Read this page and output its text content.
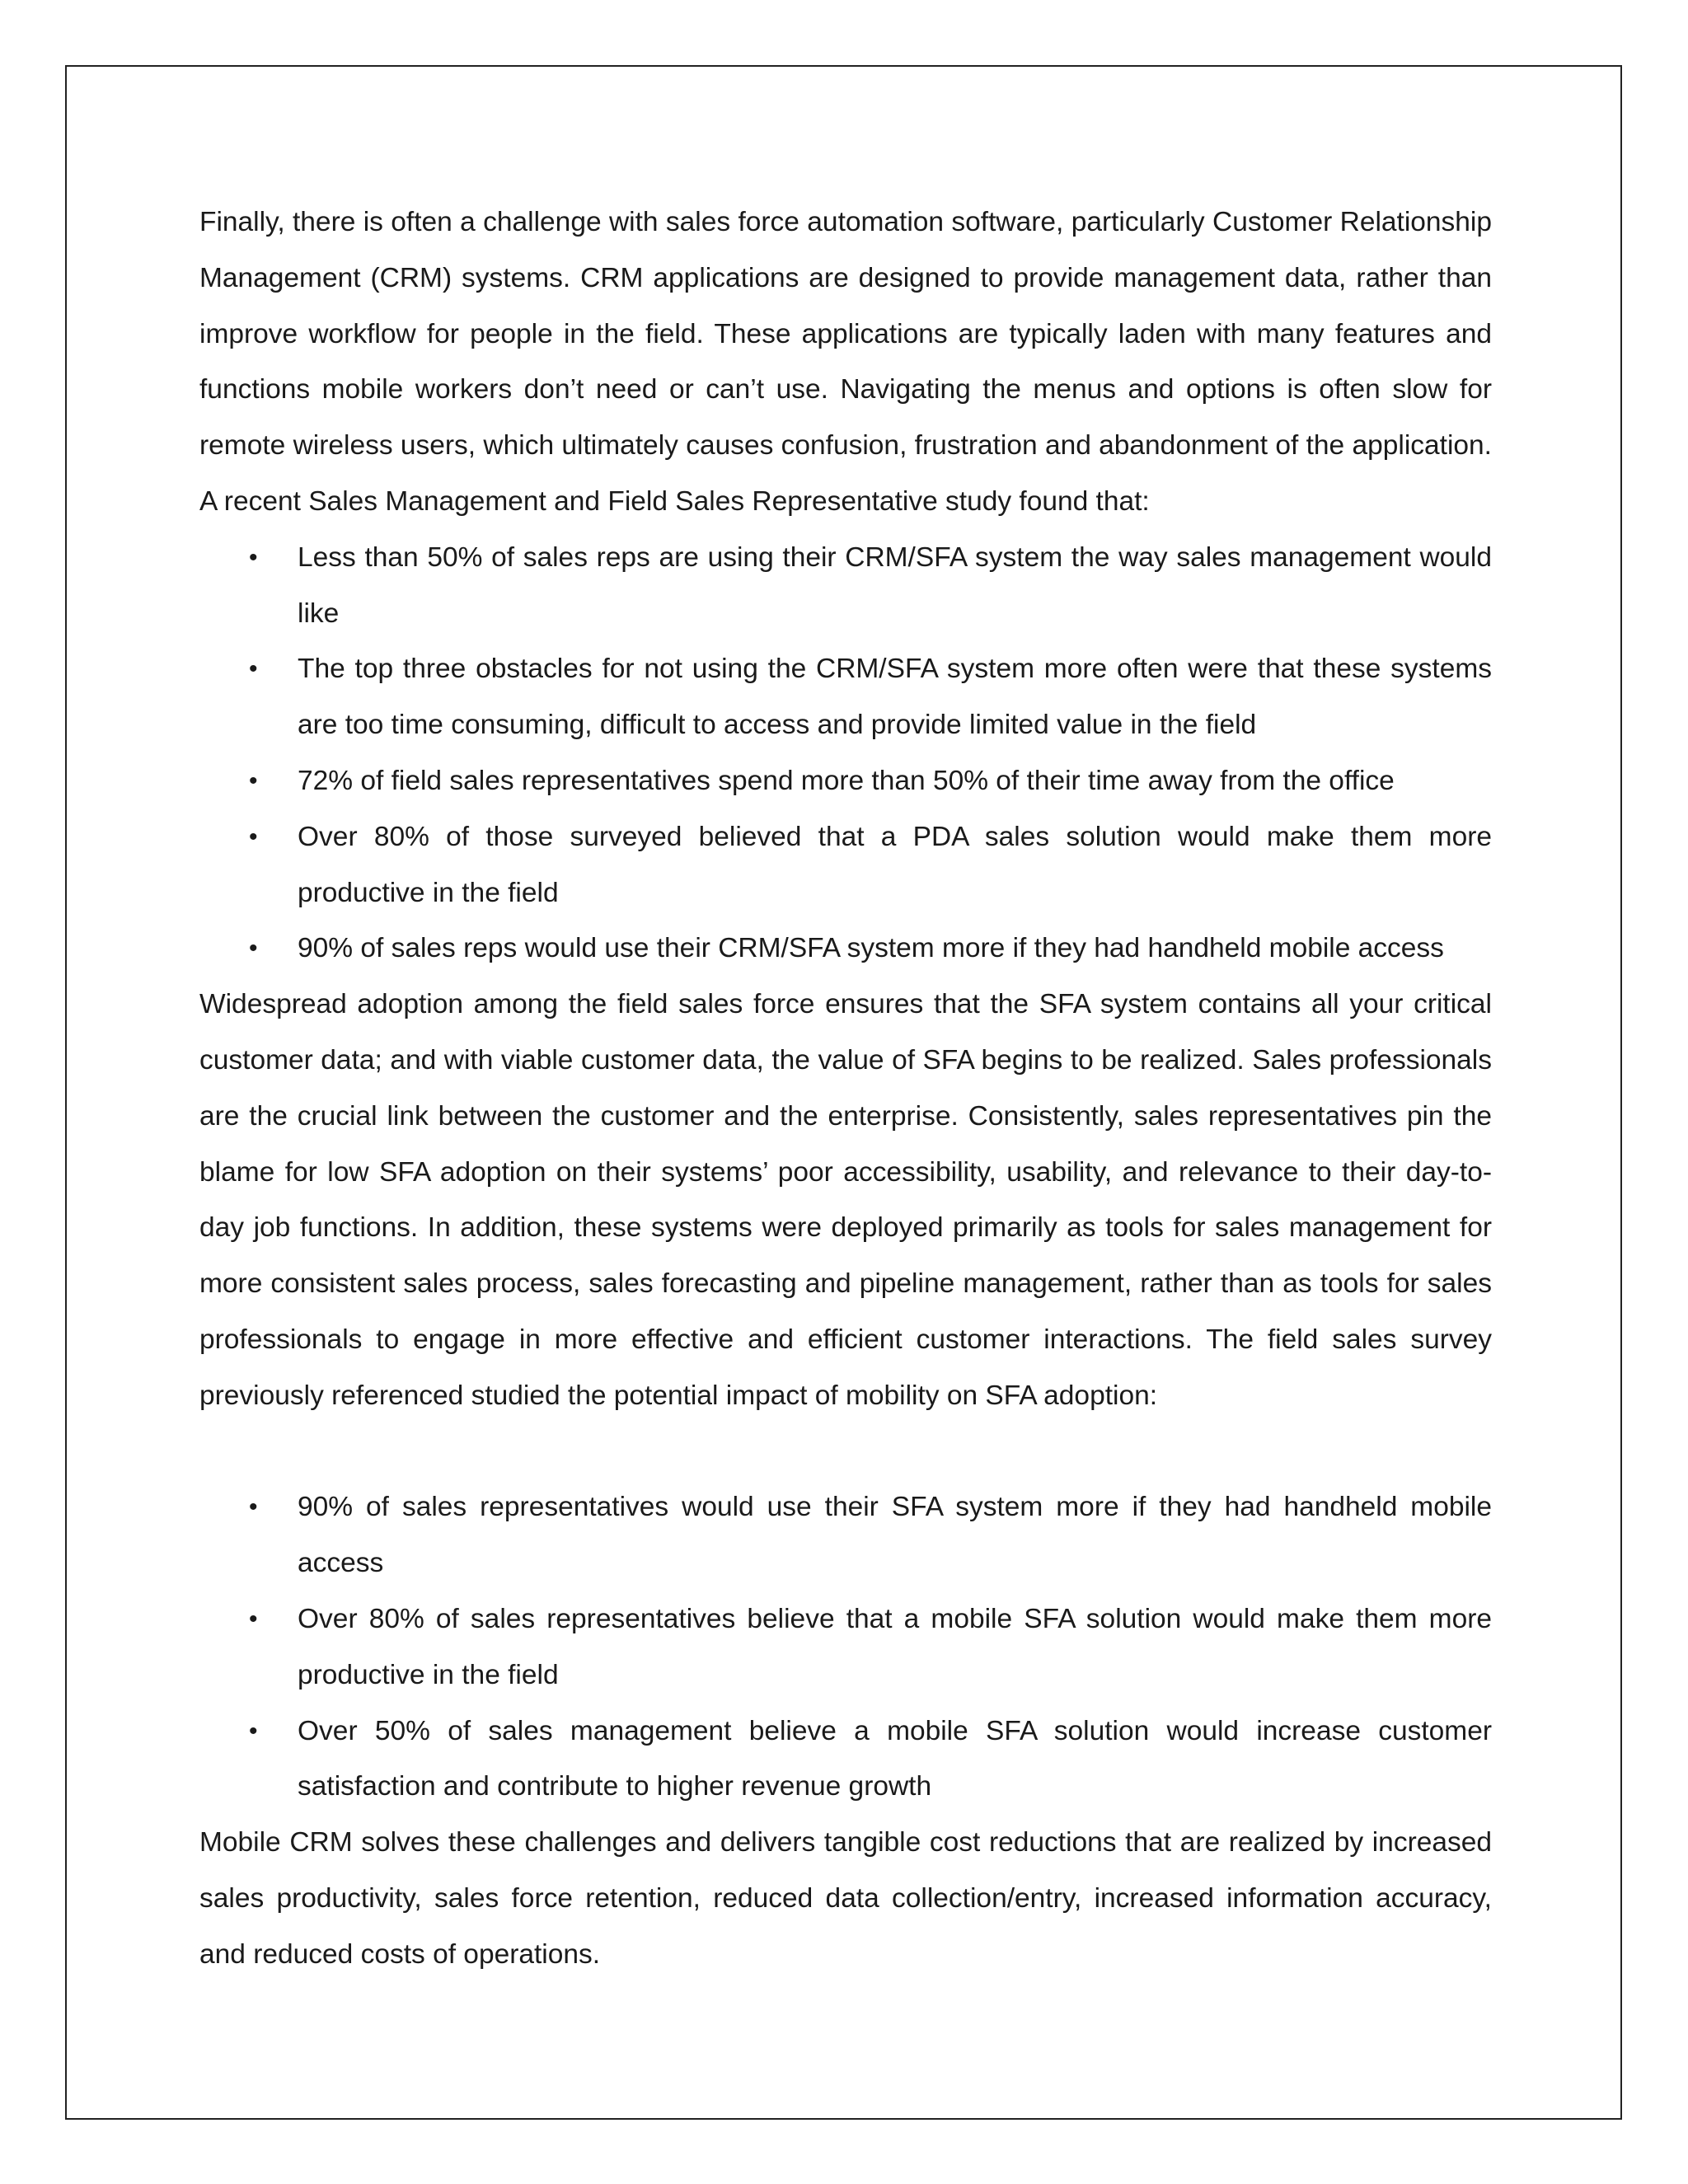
Finally, there is often a challenge with sales force automation software, particularly Customer Relationship Management (CRM) systems. CRM applications are designed to provide management data, rather than improve workflow for people in the field. These applications are typically laden with many features and functions mobile workers don’t need or can’t use. Navigating the menus and options is often slow for remote wireless users, which ultimately causes confusion, frustration and abandonment of the application. A recent Sales Management and Field Sales Representative study found that:

• Less than 50% of sales reps are using their CRM/SFA system the way sales management would like
• The top three obstacles for not using the CRM/SFA system more often were that these systems are too time consuming, difficult to access and provide limited value in the field
• 72% of field sales representatives spend more than 50% of their time away from the office
• Over 80% of those surveyed believed that a PDA sales solution would make them more productive in the field
• 90% of sales reps would use their CRM/SFA system more if they had handheld mobile access

Widespread adoption among the field sales force ensures that the SFA system contains all your critical customer data; and with viable customer data, the value of SFA begins to be realized. Sales professionals are the crucial link between the customer and the enterprise. Consistently, sales representatives pin the blame for low SFA adoption on their systems’ poor accessibility, usability, and relevance to their day-to-day job functions. In addition, these systems were deployed primarily as tools for sales management for more consistent sales process, sales forecasting and pipeline management, rather than as tools for sales professionals to engage in more effective and efficient customer interactions. The field sales survey previously referenced studied the potential impact of mobility on SFA adoption:

• 90% of sales representatives would use their SFA system more if they had handheld mobile access
• Over 80% of sales representatives believe that a mobile SFA solution would make them more productive in the field
• Over 50% of sales management believe a mobile SFA solution would increase customer satisfaction and contribute to higher revenue growth

Mobile CRM solves these challenges and delivers tangible cost reductions that are realized by increased sales productivity, sales force retention, reduced data collection/entry, increased information accuracy, and reduced costs of operations.
